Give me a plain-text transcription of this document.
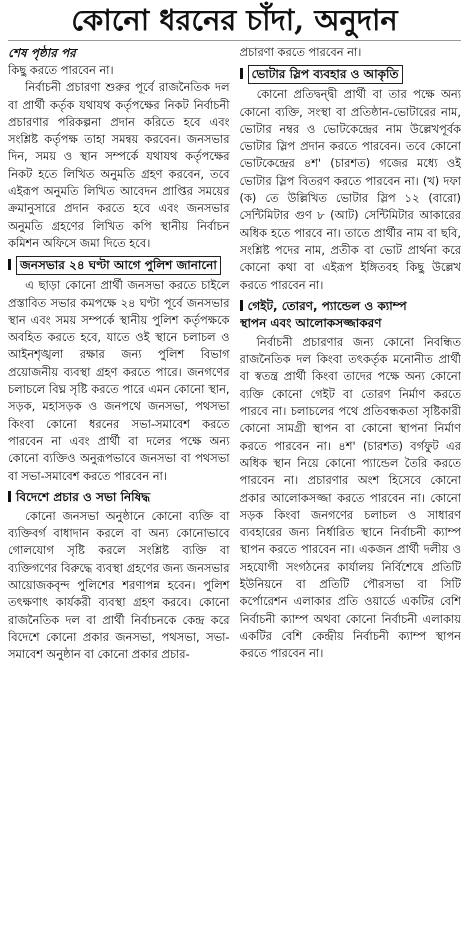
কোনো ধরনের চাঁদা, অনুদান
শেষ পৃষ্ঠার পর

কিছু করতে পারবেন না।

নির্বাচনী প্রচারণা শুরুর পূর্বে রাজনৈতিক দল বা প্রার্থী কর্তৃক যথাযথ কর্তৃপক্ষের নিকট নির্বাচনী প্রচারণার পরিকল্পনা প্রদান করিতে হবে এবং সংশ্লিষ্ট কর্তৃপক্ষ তাহা সমন্বয় করবেন। জনসভার দিন, সময় ও স্থান সম্পর্কে যথাযথ কর্তৃপক্ষের নিকট হতে লিখিত অনুমতি গ্রহণ করবেন, তবে এইরূপ অনুমতি লিখিত আবেদন প্রাপ্তির সময়ের ক্রমানুসারে প্রদান করতে হবে এবং জনসভার অনুমতি গ্রহণের লিখিত কপি স্থানীয় নির্বাচন কমিশন অফিসে জমা দিতে হবে।

জনসভার ২৪ ঘণ্টা আগে পুলিশ জানানো

এ ছাড়া কোনো প্রার্থী জনসভা করতে চাইলে প্রস্তাবিত সভার কমপক্ষে ২৪ ঘণ্টা পূর্বে জনসভার স্থান এবং সময় সম্পর্কে স্থানীয় পুলিশ কর্তৃপক্ষকে অবহিত করতে হবে, যাতে ওই স্থানে চলাচল ও আইনশৃঙ্খলা রক্ষার জন্য পুলিশ বিভাগ প্রয়োজনীয় ব্যবস্থা গ্রহণ করতে পারে। জনগণের চলাচলে বিঘ্ন সৃষ্টি করতে পারে এমন কোনো স্থান, সড়ক, মহাসড়ক ও জনপথে জনসভা, পথসভা কিংবা কোনো ধরনের সভা-সমাবেশ করতে পারবেন না এবং প্রার্থী বা দলের পক্ষে অন্য কোনো ব্যক্তিও অনুরূপভাবে জনসভা বা পথসভা বা সভা-সমাবেশ করতে পারবেন না।

বিদেশে প্রচার ও সভা নিষিদ্ধ

কোনো জনসভা অনুষ্ঠানে কোনো ব্যক্তি বা ব্যক্তিবর্গ বাধাদান করলে বা অন্য কোনোভাবে গোলযোগ সৃষ্টি করলে সংশ্লিষ্ট ব্যক্তি বা ব্যক্তিগণের বিরুদ্ধে ব্যবস্থা গ্রহণের জন্য জনসভার আয়োজকবৃন্দ পুলিশের শরণাপন্ন হবেন। পুলিশ তৎক্ষণাৎ কার্যকরী ব্যবস্থা গ্রহণ করবে। কোনো রাজনৈতিক দল বা প্রার্থী নির্বাচনকে কেন্দ্র করে বিদেশে কোনো প্রকার জনসভা, পথসভা, সভা-সমাবেশ অনুষ্ঠান বা কোনো প্রকার প্রচার-

প্রচারণা করতে পারবেন না।

ভোটার স্লিপ ব্যবহার ও আকৃতি

কোনো প্রতিদ্বন্দ্বী প্রার্থী বা তার পক্ষে অন্য কোনো ব্যক্তি, সংস্থা বা প্রতিষ্ঠান-ভোটারের নাম, ভোটার নম্বর ও ভোটকেন্দ্রের নাম উল্লেখপূর্বক ভোটার স্লিপ প্রদান করতে পারবেন। তবে কোনো ভোটকেন্দ্রের ৪শ' (চারশত) গজের মধ্যে ওই ভোটার স্লিপ বিতরণ করতে পারবেন না। (খ) দফা (ক) তে উল্লিখিত ভোটার স্লিপ ১২ (বারো) সেন্টিমিটার গুণ ৮ (আট) সেন্টিমিটার আকারের অধিক হতে পারবে না। তাতে প্রার্থীর নাম বা ছবি, সংশ্লিষ্ট পদের নাম, প্রতীক বা ভোট প্রার্থনা করে কোনো কথা বা এইরূপ ইঙ্গিতবহ কিছু উল্লেখ করতে পারবেন না।

গেইট, তোরণ, প্যান্ডেল ও ক্যাম্প
স্থাপন এবং আলোকসজ্জাকরণ

নির্বাচনী প্রচারণার জন্য কোনো নিবন্ধিত রাজনৈতিক দল কিংবা তৎকর্তৃক মনোনীত প্রার্থী বা স্বতন্ত্র প্রার্থী কিংবা তাদের পক্ষে অন্য কোনো ব্যক্তি কোনো গেইট বা তোরণ নির্মাণ করতে পারবে না। চলাচলের পথে প্রতিবন্ধকতা সৃষ্টিকারী কোনো সামগ্রী স্থাপন বা কোনো স্থাপনা নির্মাণ করতে পারবেন না। ৪শ' (চারশত) বর্গফুট এর অধিক স্থান নিয়ে কোনো প্যান্ডেল তৈরি করতে পারবেন না। প্রচারণার অংশ হিসেবে কোনো প্রকার আলোকসজ্জা করতে পারবেন না। কোনো সড়ক কিংবা জনগণের চলাচল ও সাধারণ ব্যবহারের জন্য নির্ধারিত স্থানে নির্বাচনী ক্যাম্প স্থাপন করতে পারবেন না। একজন প্রার্থী দলীয় ও সহযোগী সংগঠনের কার্যালয় নির্বিশেষে প্রতিটি ইউনিয়নে বা প্রতিটি পৌরসভা বা সিটি কর্পোরেশন এলাকার প্রতি ওয়ার্ডে একটির বেশি নির্বাচনী ক্যাম্প অথবা কোনো নির্বাচনী এলাকায় একটির বেশি কেন্দ্রীয় নির্বাচনী ক্যাম্প স্থাপন করতে পারবেন না।
